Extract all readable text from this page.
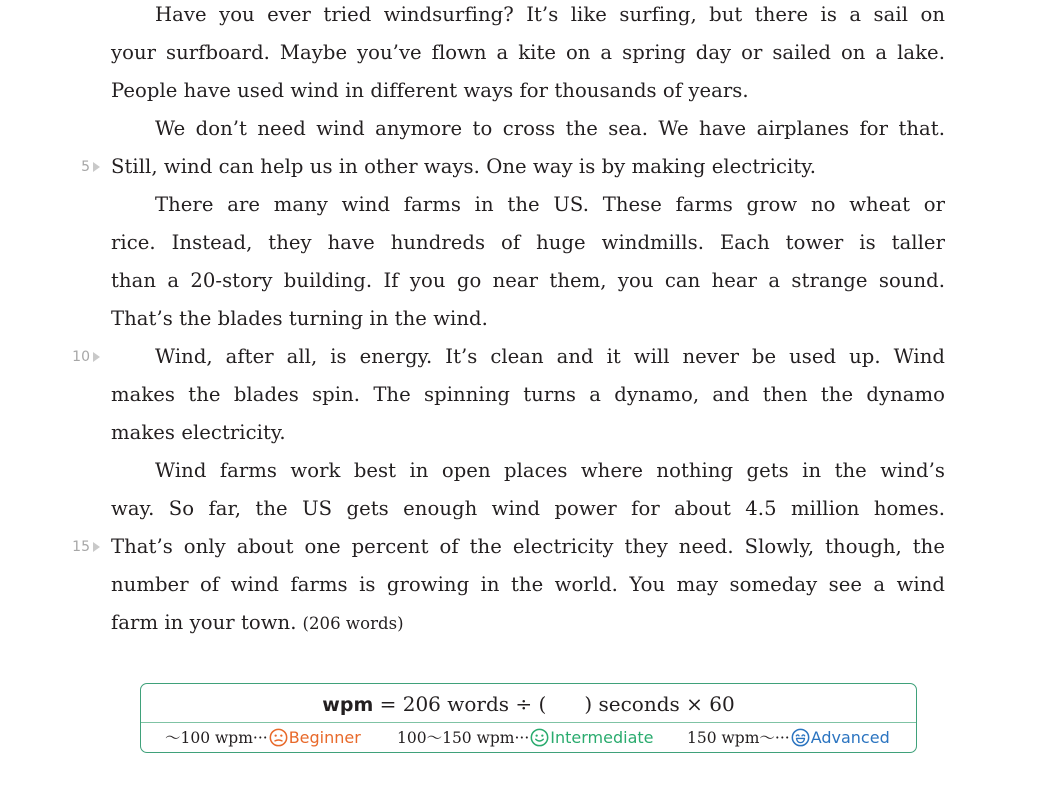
Have you ever tried windsurfing? It’s like surfing, but there is a sail on
your surfboard. Maybe you’ve flown a kite on a spring day or sailed on a lake.
People have used wind in different ways for thousands of years.
We don’t need wind anymore to cross the sea. We have airplanes for that.
Still, wind can help us in other ways. One way is by making electricity.
There are many wind farms in the US. These farms grow no wheat or
rice. Instead, they have hundreds of huge windmills. Each tower is taller
than a 20-story building. If you go near them, you can hear a strange sound.
That’s the blades turning in the wind.
Wind, after all, is energy. It’s clean and it will never be used up. Wind
makes the blades spin. The spinning turns a dynamo, and then the dynamo
makes electricity.
Wind farms work best in open places where nothing gets in the wind’s
way. So far, the US gets enough wind power for about 4.5 million homes.
That’s only about one percent of the electricity they need. Slowly, though, the
number of wind farms is growing in the world. You may someday see a wind
farm in your town. (206 words)
5
10
15
wpm = 206 words ÷ ( ) seconds × 60
～100 wpm··· Beginner 100～150 wpm··· Intermediate 150 wpm～··· Advanced
